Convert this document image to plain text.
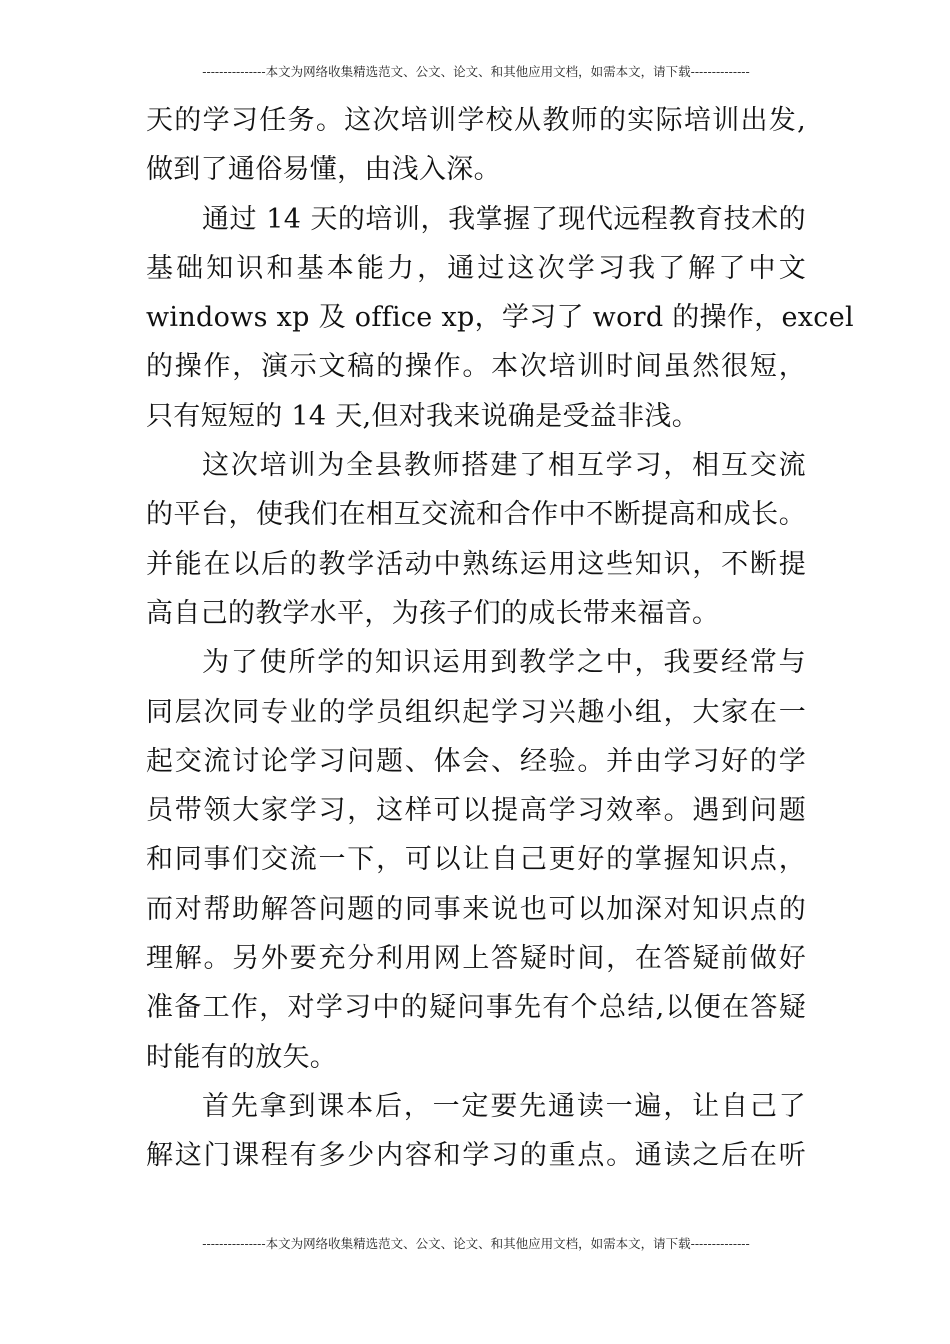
---------------本文为网络收集精选范文、公文、论文、和其他应用文档，如需本文，请下载--------------
天的学习任务。这次培训学校从教师的实际培训出发,
做到了通俗易懂，由浅入深。
通过 14 天的培训，我掌握了现代远程教育技术的
基础知识和基本能力，通过这次学习我了解了中文
windows xp 及 office xp，学习了 word 的操作，excel
的操作，演示文稿的操作。本次培训时间虽然很短，
只有短短的 14 天,但对我来说确是受益非浅。
这次培训为全县教师搭建了相互学习，相互交流
的平台，使我们在相互交流和合作中不断提高和成长。
并能在以后的教学活动中熟练运用这些知识，不断提
高自己的教学水平，为孩子们的成长带来福音。
为了使所学的知识运用到教学之中，我要经常与
同层次同专业的学员组织起学习兴趣小组，大家在一
起交流讨论学习问题、体会、经验。并由学习好的学
员带领大家学习，这样可以提高学习效率。遇到问题
和同事们交流一下，可以让自己更好的掌握知识点，
而对帮助解答问题的同事来说也可以加深对知识点的
理解。另外要充分利用网上答疑时间，在答疑前做好
准备工作，对学习中的疑问事先有个总结,以便在答疑
时能有的放矢。
首先拿到课本后，一定要先通读一遍，让自己了
解这门课程有多少内容和学习的重点。通读之后在听
---------------本文为网络收集精选范文、公文、论文、和其他应用文档，如需本文，请下载--------------
